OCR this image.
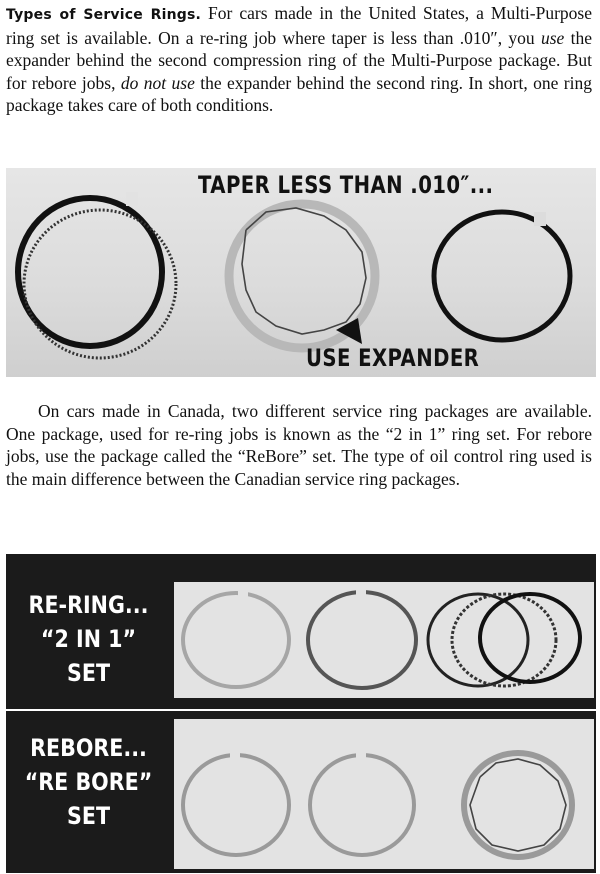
Types of Service Rings. For cars made in the United States, a Multi-Purpose ring set is available. On a re-ring job where taper is less than .010″, you use the expander behind the second compression ring of the Multi-Purpose package. But for rebore jobs, do not use the expander behind the second ring. In short, one ring package takes care of both conditions.

TAPER LESS THAN .010″...
USE EXPANDER

On cars made in Canada, two different service ring packages are available. One package, used for re-ring jobs is known as the “2 in 1” ring set. For rebore jobs, use the package called the “ReBore” set. The type of oil control ring used is the main difference between the Canadian service ring packages.

RE-RING...
“2 IN 1”
SET
REBORE...
“RE BORE”
SET
